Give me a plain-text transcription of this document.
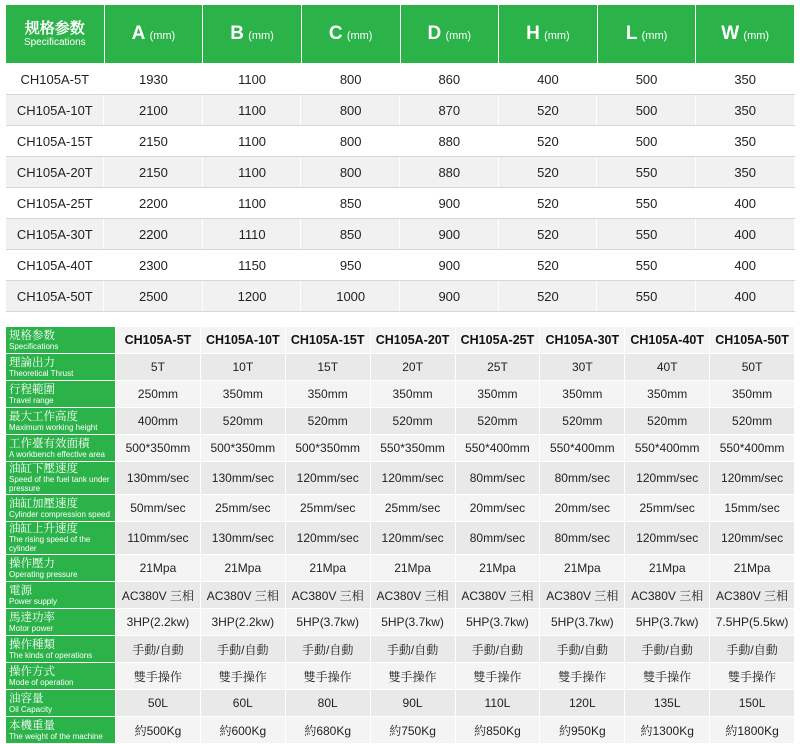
规格参数
Specifications	A (mm)	B (mm)	C (mm)	D (mm)	H (mm)	L (mm)	W (mm)
CH105A-5T	1930	1100	800	860	400	500	350
CH105A-10T	2100	1100	800	870	520	500	350
CH105A-15T	2150	1100	800	880	520	500	350
CH105A-20T	2150	1100	800	880	520	550	350
CH105A-25T	2200	1100	850	900	520	550	400
CH105A-30T	2200	1110	850	900	520	550	400
CH105A-40T	2300	1150	950	900	520	550	400
CH105A-50T	2500	1200	1000	900	520	550	400
规格参数
Specifications	CH105A-5T	CH105A-10T	CH105A-15T	CH105A-20T	CH105A-25T	CH105A-30T	CH105A-40T	CH105A-50T

理論出力
Theoretical Thrust	5T	10T	15T	20T	25T	30T	40T	50T

行程範圍
Travel range	250mm	350mm	350mm	350mm	350mm	350mm	350mm	350mm

最大工作高度
Maximum working height	400mm	520mm	520mm	520mm	520mm	520mm	520mm	520mm

工作臺有效面積
A workbench effective area	500*350mm	500*350mm	500*350mm	550*350mm	550*400mm	550*400mm	550*400mm	550*400mm

油缸下壓速度
Speed of the fuel tank under pressure	130mm/sec	130mm/sec	120mm/sec	120mm/sec	80mm/sec	80mm/sec	120mm/sec	120mm/sec

油缸加壓速度
Cylinder compression speed	50mm/sec	25mm/sec	25mm/sec	25mm/sec	20mm/sec	20mm/sec	25mm/sec	15mm/sec

油缸上升速度
The rising speed of the cylinder	110mm/sec	130mm/sec	120mm/sec	120mm/sec	80mm/sec	80mm/sec	120mm/sec	120mm/sec

操作壓力
Operating pressure	21Mpa	21Mpa	21Mpa	21Mpa	21Mpa	21Mpa	21Mpa	21Mpa

電源
Power supply	AC380V 三相	AC380V 三相	AC380V 三相	AC380V 三相	AC380V 三相	AC380V 三相	AC380V 三相	AC380V 三相

馬達功率
Motor power	3HP(2.2kw)	3HP(2.2kw)	5HP(3.7kw)	5HP(3.7kw)	5HP(3.7kw)	5HP(3.7kw)	5HP(3.7kw)	7.5HP(5.5kw)

操作種類
The kinds of operations	手動/自動	手動/自動	手動/自動	手動/自動	手動/自動	手動/自動	手動/自動	手動/自動

操作方式
Mode of operation	雙手操作	雙手操作	雙手操作	雙手操作	雙手操作	雙手操作	雙手操作	雙手操作

油容量
Oil Capacity	50L	60L	80L	90L	110L	120L	135L	150L

本機重量
The weight of the machine	約500Kg	約600Kg	約680Kg	約750Kg	約850Kg	約950Kg	約1300Kg	約1800Kg
